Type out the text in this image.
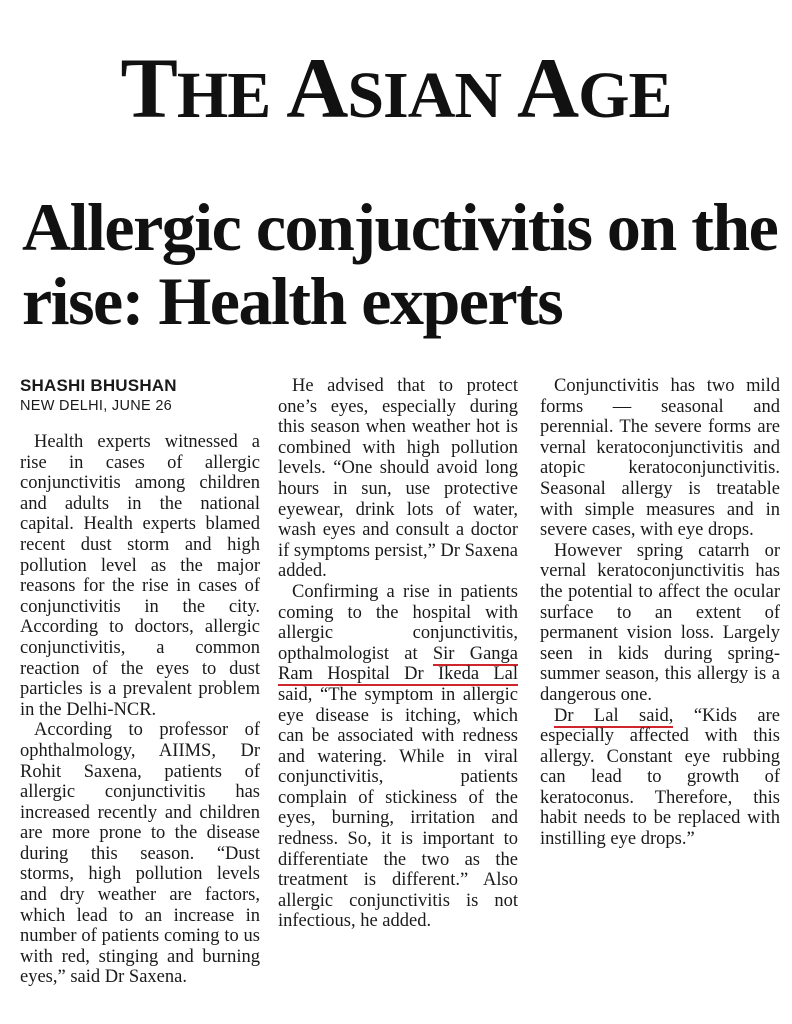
THE ASIAN AGE
Allergic conjuctivitis on the rise: Health experts
SHASHI BHUSHAN
NEW DELHI, JUNE 26

Health experts witnessed a rise in cases of allergic conjunctivitis among children and adults in the national capital. Health experts blamed recent dust storm and high pollution level as the major reasons for the rise in cases of conjunctivitis in the city. According to doctors, allergic conjunctivitis, a common reaction of the eyes to dust particles is a prevalent problem in the Delhi-NCR.

According to professor of ophthalmology, AIIMS, Dr Rohit Saxena, patients of allergic conjunctivitis has increased recently and children are more prone to the disease during this season. “Dust storms, high pollution levels and dry weather are factors, which lead to an increase in number of patients coming to us with red, stinging and burning eyes,” said Dr Saxena.

He advised that to protect one’s eyes, especially during this season when weather hot is combined with high pollution levels. “One should avoid long hours in sun, use protective eyewear, drink lots of water, wash eyes and consult a doctor if symptoms persist,” Dr Saxena added.

Confirming a rise in patients coming to the hospital with allergic conjunctivitis, opthalmologist at Sir Ganga Ram Hospital Dr Ikeda Lal said, “The symptom in allergic eye disease is itching, which can be associated with redness and watering. While in viral conjunctivitis, patients complain of stickiness of the eyes, burning, irritation and redness. So, it is important to differentiate the two as the treatment is different.” Also allergic conjunctivitis is not infectious, he added.

Conjunctivitis has two mild forms — seasonal and perennial. The severe forms are vernal keratoconjunctivitis and atopic keratoconjunctivitis. Seasonal allergy is treatable with simple measures and in severe cases, with eye drops.

However spring catarrh or vernal keratoconjunctivitis has the potential to affect the ocular surface to an extent of permanent vision loss. Largely seen in kids during spring-summer season, this allergy is a dangerous one.

Dr Lal said, “Kids are especially affected with this allergy. Constant eye rubbing can lead to growth of keratoconus. Therefore, this habit needs to be replaced with instilling eye drops.”
